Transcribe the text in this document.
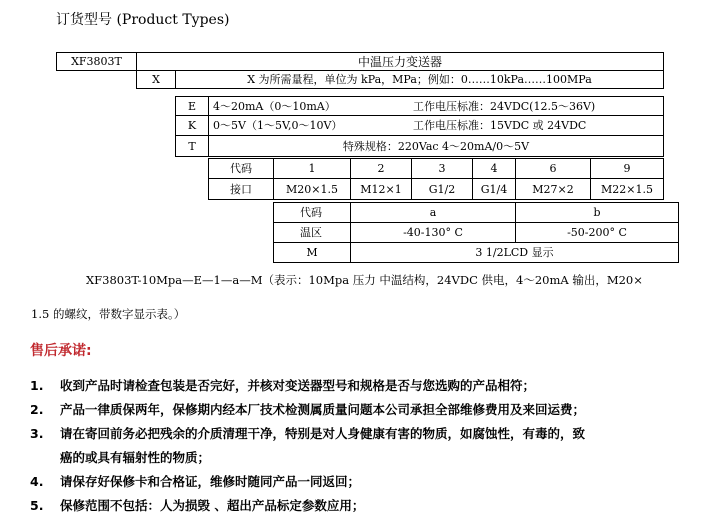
订货型号 (Product Types)
XF3803T	中温压力变送器
X	X 为所需量程，单位为 kPa，MPa；例如：0……10kPa……100MPa
E	4～20mA（0～10mA）	工作电压标准：24VDC(12.5～36V)
K	0～5V（1～5V,0～10V）	工作电压标准：15VDC 或 24VDC
T	特殊规格：220Vac 4～20mA/0～5V
代码	1	2	3	4	6	9
接口	M20×1.5	M12×1	G1/2	G1/4	M27×2	M22×1.5
代码	a	b
温区	-40-130° C	-50-200° C
M	3 1/2LCD 显示
XF3803T-10Mpa—E—1—a—M（表示：10Mpa 压力 中温结构，24VDC 供电，4～20mA 输出，M20×
1.5 的螺纹，带数字显示表。）
售后承诺:
1. 收到产品时请检查包装是否完好，并核对变送器型号和规格是否与您选购的产品相符；
2. 产品一律质保两年，保修期内经本厂技术检测属质量问题本公司承担全部维修费用及来回运费；
3. 请在寄回前务必把残余的介质清理干净，特别是对人身健康有害的物质，如腐蚀性，有毒的，致
癌的或具有辐射性的物质；
4. 请保存好保修卡和合格证，维修时随同产品一同返回；
5. 保修范围不包括：人为损毁 、超出产品标定参数应用；
